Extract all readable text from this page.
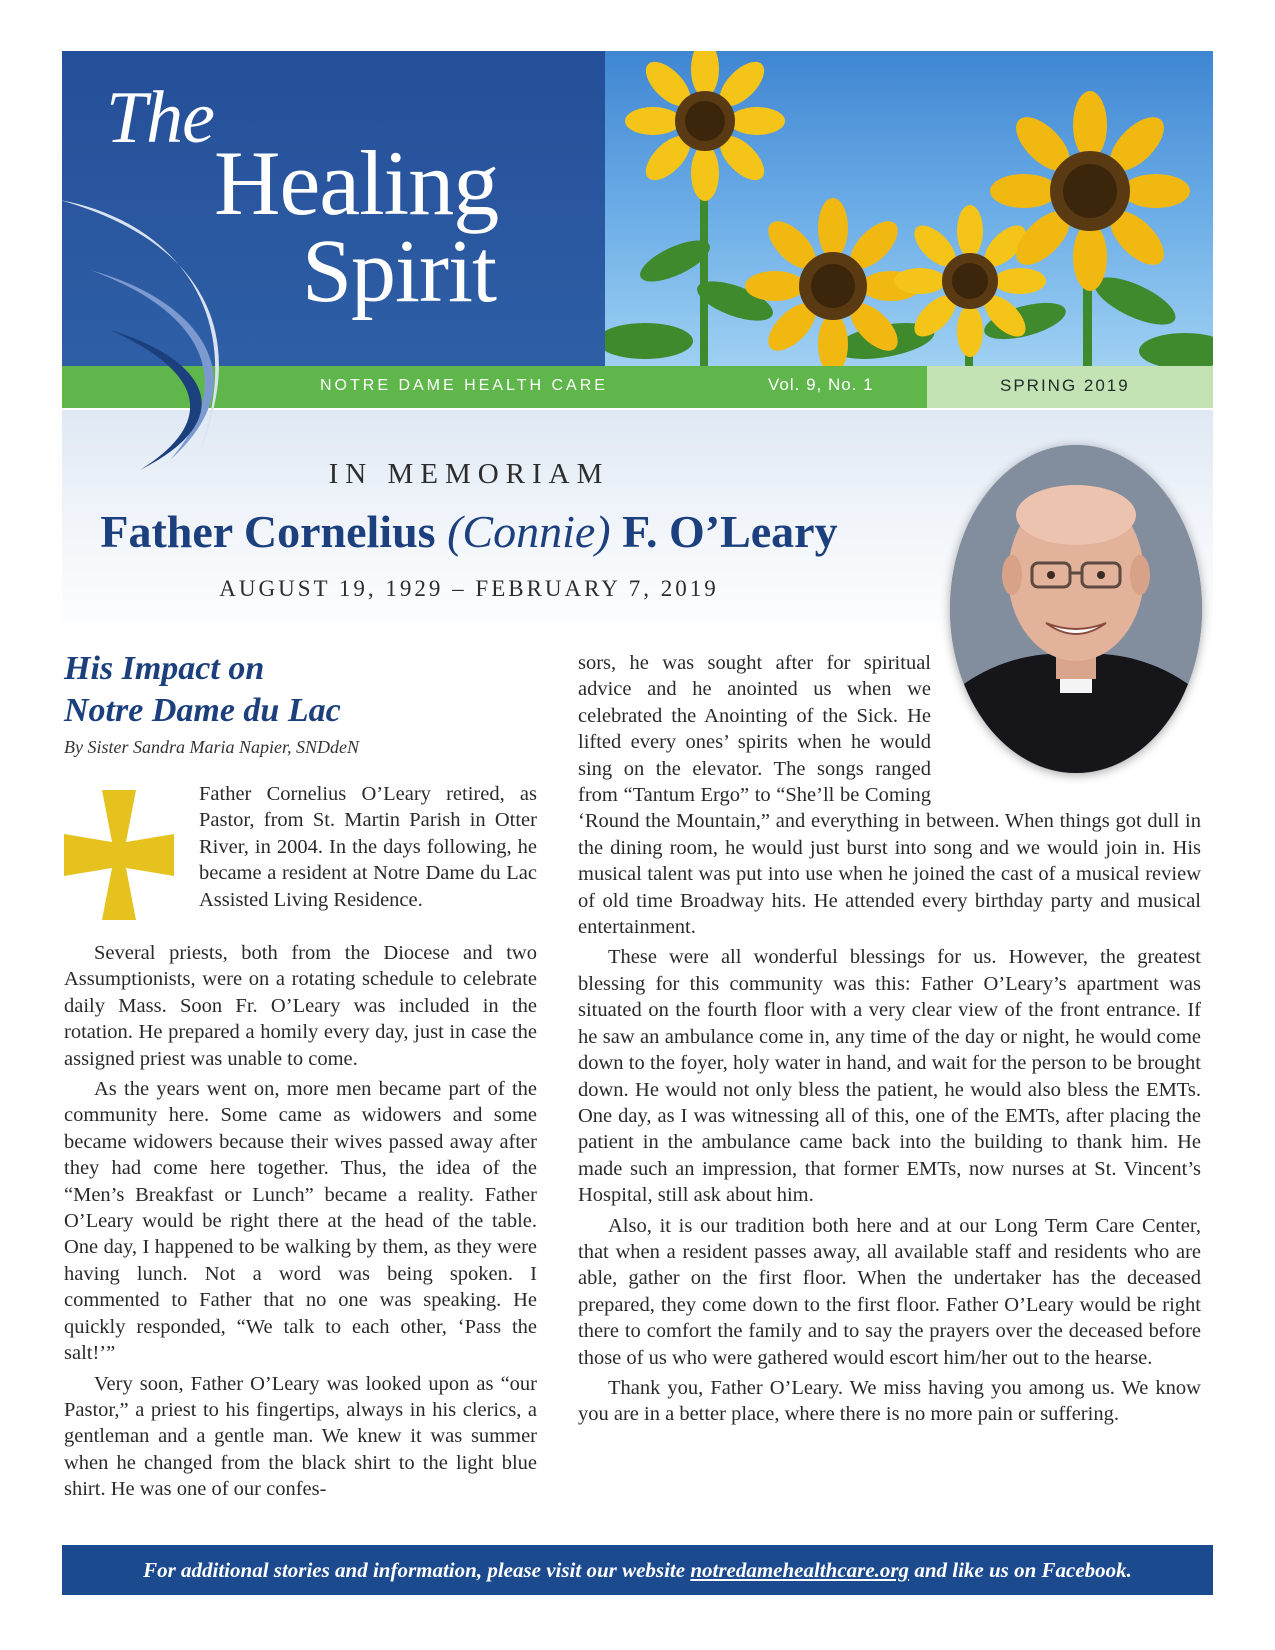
The
Healing
Spirit
NOTRE DAME HEALTH CARE	Vol. 9, No. 1	SPRING 2019
IN MEMORIAM
Father Cornelius (Connie) F. O’Leary
AUGUST 19, 1929 – FEBRUARY 7, 2019
His Impact on
Notre Dame du Lac
By Sister Sandra Maria Napier, SNDdeN

Father Cornelius O’Leary retired, as Pastor, from St. Martin Parish in Otter River, in 2004. In the days following, he became a resident at Notre Dame du Lac Assisted Living Residence.

Several priests, both from the Diocese and two Assumptionists, were on a rotating schedule to celebrate daily Mass. Soon Fr. O’Leary was included in the rotation. He prepared a homily every day, just in case the assigned priest was unable to come.

As the years went on, more men became part of the community here. Some came as widowers and some became widowers because their wives passed away after they had come here together. Thus, the idea of the “Men’s Breakfast or Lunch” became a reality. Father O’Leary would be right there at the head of the table. One day, I happened to be walking by them, as they were having lunch. Not a word was being spoken. I commented to Father that no one was speaking. He quickly responded, “We talk to each other, ‘Pass the salt!’”

Very soon, Father O’Leary was looked upon as “our Pastor,” a priest to his fingertips, always in his clerics, a gentleman and a gentle man. We knew it was summer when he changed from the black shirt to the light blue shirt. He was one of our confes-

sors, he was sought after for spiritual advice and he anointed us when we celebrated the Anointing of the Sick. He lifted every ones’ spirits when he would sing on the elevator. The songs ranged from “Tantum Ergo” to “She’ll be Coming ‘Round the Mountain,” and everything in between. When things got dull in the dining room, he would just burst into song and we would join in. His musical talent was put into use when he joined the cast of a musical review of old time Broadway hits. He attended every birthday party and musical entertainment.

These were all wonderful blessings for us. However, the greatest blessing for this community was this: Father O’Leary’s apartment was situated on the fourth floor with a very clear view of the front entrance. If he saw an ambulance come in, any time of the day or night, he would come down to the foyer, holy water in hand, and wait for the person to be brought down. He would not only bless the patient, he would also bless the EMTs. One day, as I was witnessing all of this, one of the EMTs, after placing the patient in the ambulance came back into the building to thank him. He made such an impression, that former EMTs, now nurses at St. Vincent’s Hospital, still ask about him.

Also, it is our tradition both here and at our Long Term Care Center, that when a resident passes away, all available staff and residents who are able, gather on the first floor. When the undertaker has the deceased prepared, they come down to the first floor. Father O’Leary would be right there to comfort the family and to say the prayers over the deceased before those of us who were gathered would escort him/her out to the hearse.

Thank you, Father O’Leary. We miss having you among us. We know you are in a better place, where there is no more pain or suffering.

For additional stories and information, please visit our website notredamehealthcare.org and like us on Facebook.
